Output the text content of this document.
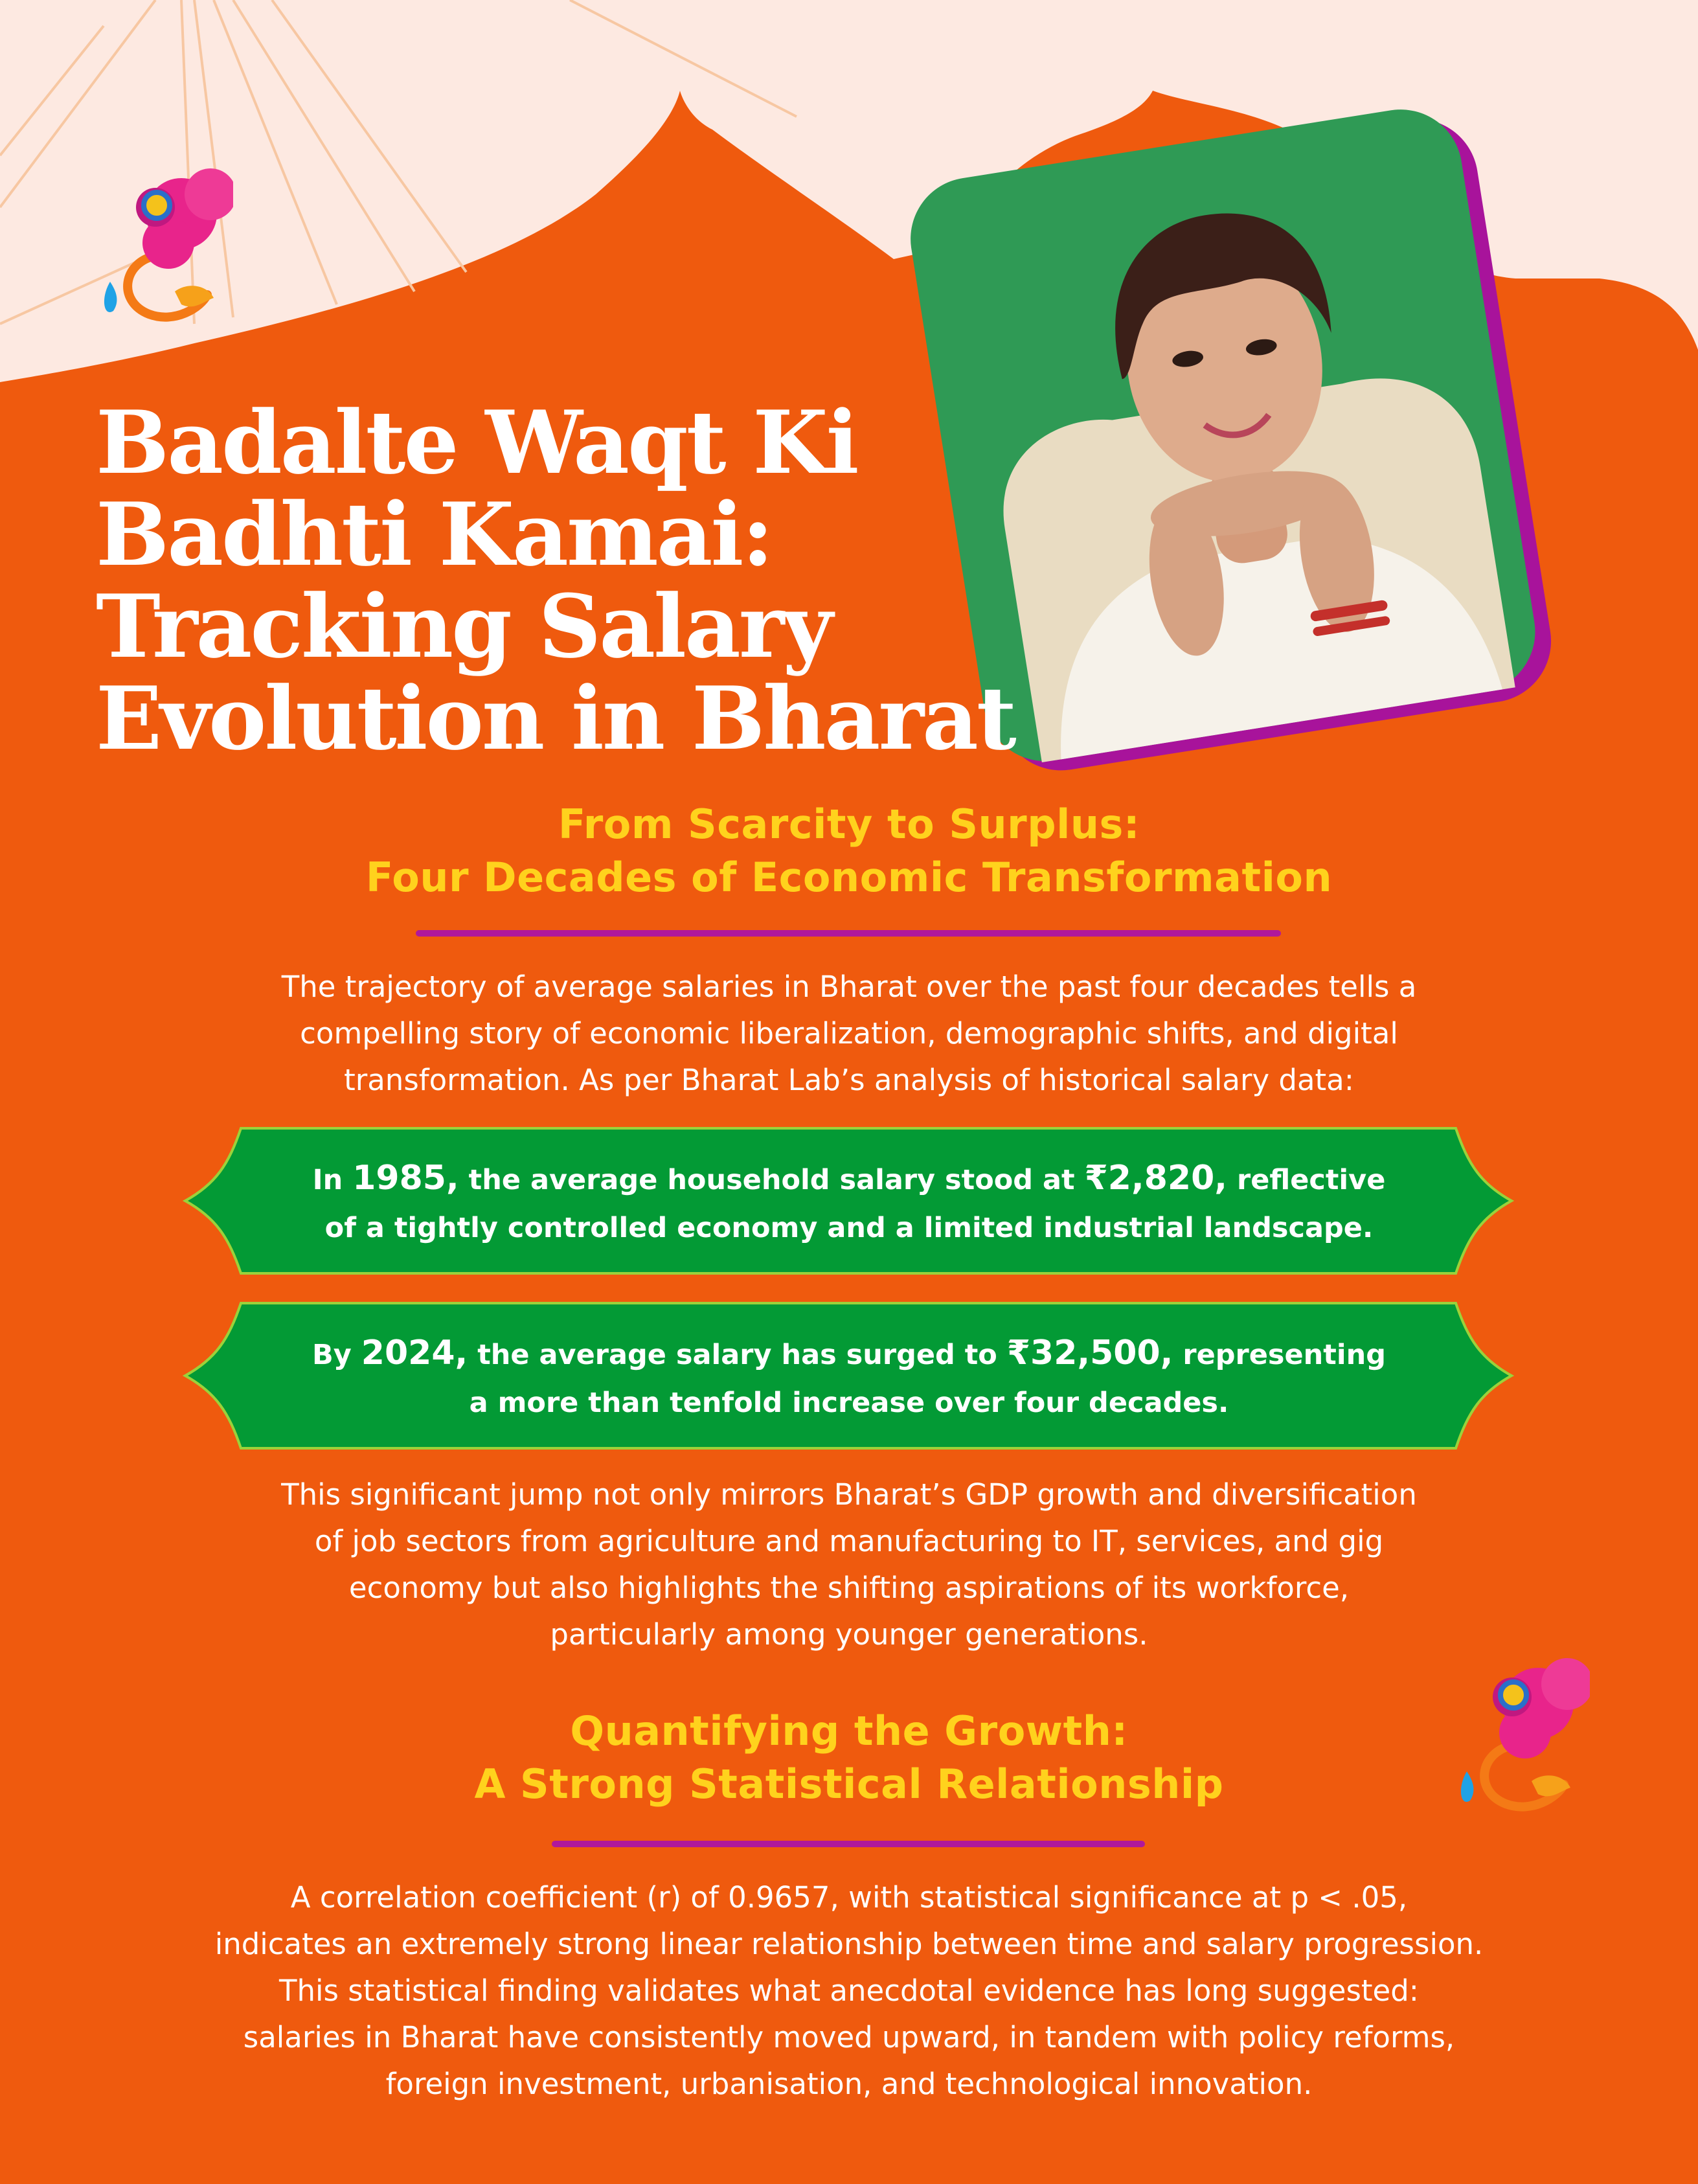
Badalte Waqt Ki
Badhti Kamai:
Tracking Salary
Evolution in Bharat
From Scarcity to Surplus:
Four Decades of Economic Transformation

The trajectory of average salaries in Bharat over the past four decades tells a
compelling story of economic liberalization, demographic shifts, and digital
transformation. As per Bharat Lab’s analysis of historical salary data:

In 1985, the average household salary stood at ₹2,820, reflective
of a tightly controlled economy and a limited industrial landscape.
By 2024, the average salary has surged to ₹32,500, representing
a more than tenfold increase over four decades.

This significant jump not only mirrors Bharat’s GDP growth and diversification
of job sectors from agriculture and manufacturing to IT, services, and gig
economy but also highlights the shifting aspirations of its workforce,
particularly among younger generations.

Quantifying the Growth:
A Strong Statistical Relationship

A correlation coefficient (r) of 0.9657, with statistical significance at p < .05,
indicates an extremely strong linear relationship between time and salary progression.
This statistical finding validates what anecdotal evidence has long suggested:
salaries in Bharat have consistently moved upward, in tandem with policy reforms,
foreign investment, urbanisation, and technological innovation.
